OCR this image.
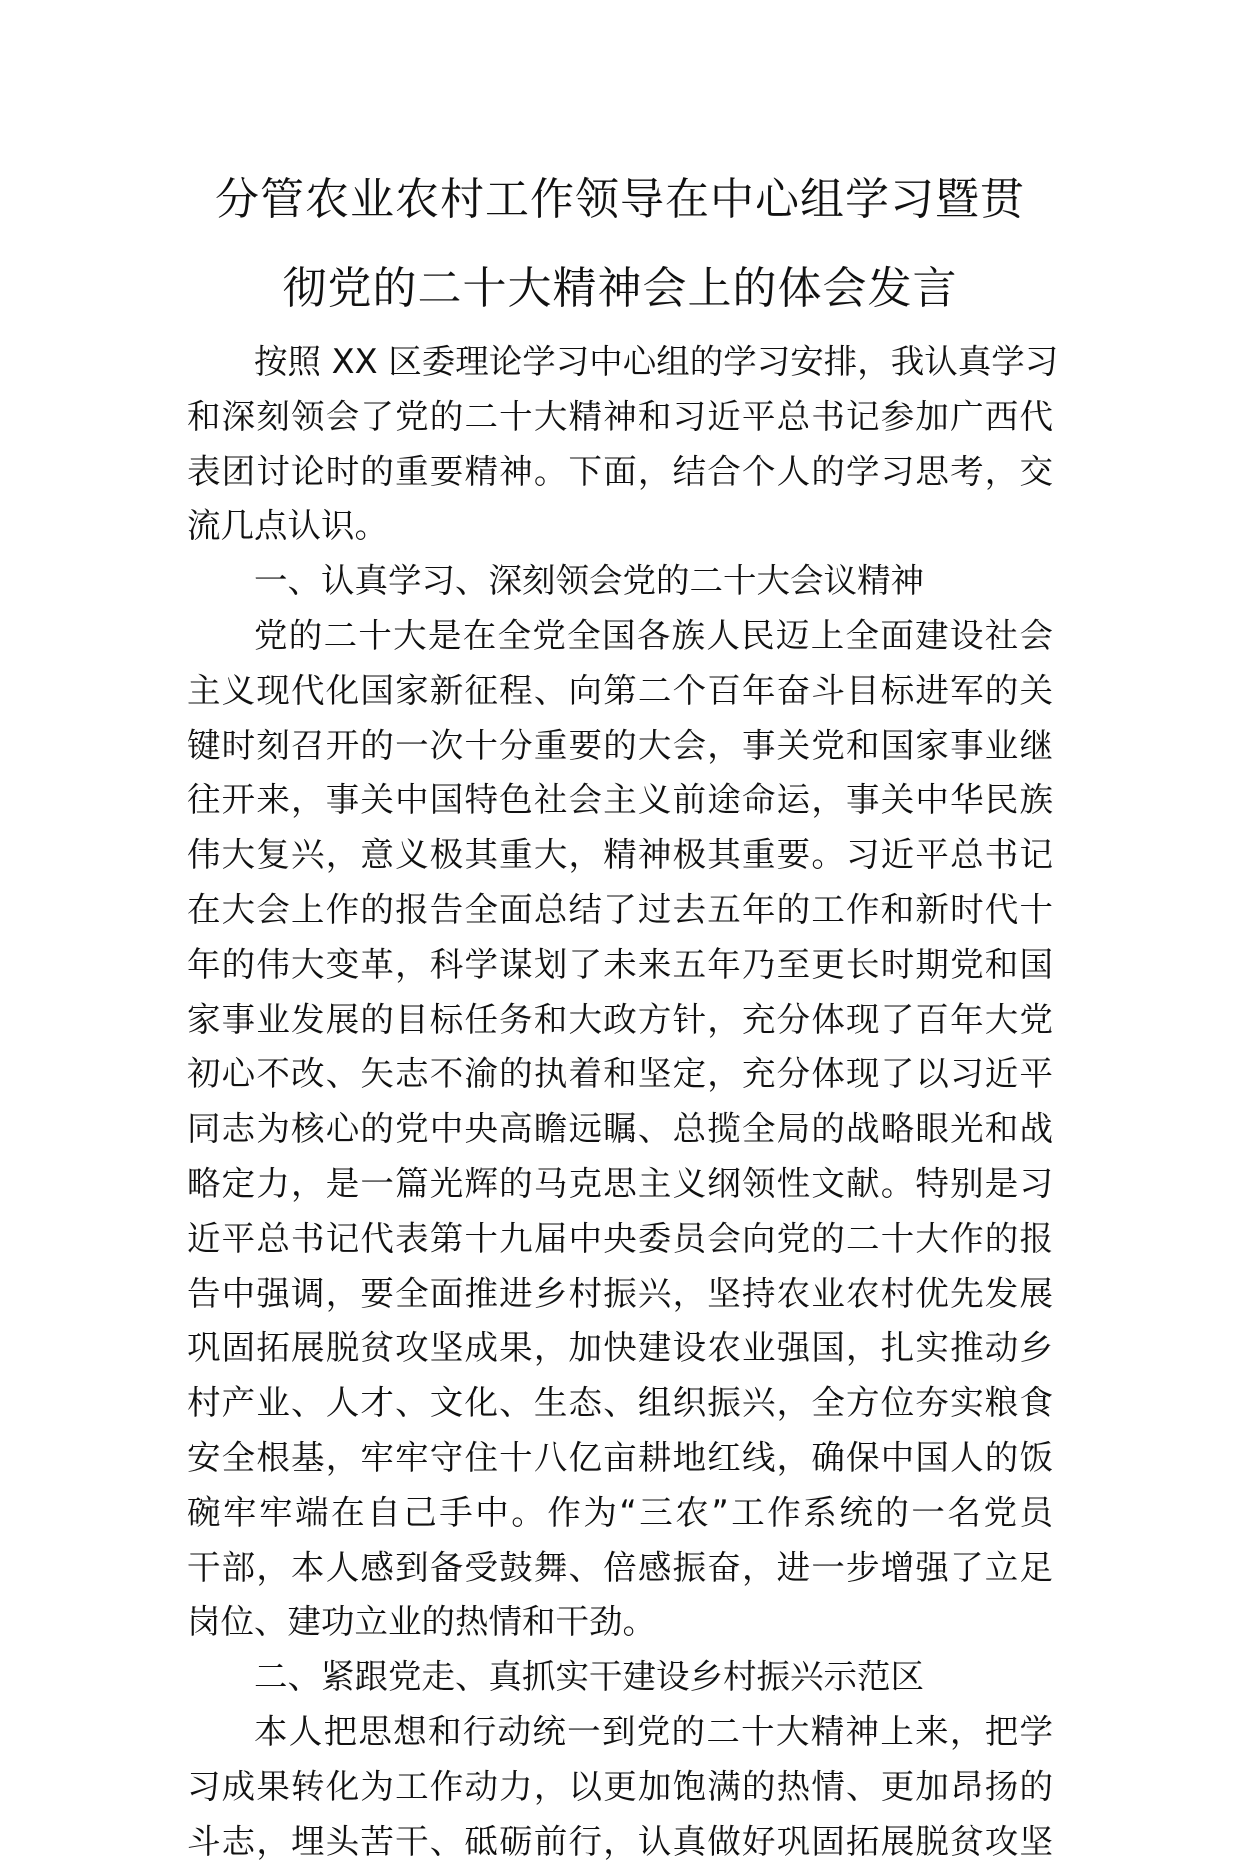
分管农业农村工作领导在中心组学习暨贯
彻党的二十大精神会上的体会发言
按照 XX 区委理论学习中心组的学习安排，我认真学习
和深刻领会了党的二十大精神和习近平总书记参加广西代
表团讨论时的重要精神。下面，结合个人的学习思考，交
流几点认识。
一、认真学习、深刻领会党的二十大会议精神
党的二十大是在全党全国各族人民迈上全面建设社会
主义现代化国家新征程、向第二个百年奋斗目标进军的关
键时刻召开的一次十分重要的大会，事关党和国家事业继
往开来，事关中国特色社会主义前途命运，事关中华民族
伟大复兴，意义极其重大，精神极其重要。习近平总书记
在大会上作的报告全面总结了过去五年的工作和新时代十
年的伟大变革，科学谋划了未来五年乃至更长时期党和国
家事业发展的目标任务和大政方针，充分体现了百年大党
初心不改、矢志不渝的执着和坚定，充分体现了以习近平
同志为核心的党中央高瞻远瞩、总揽全局的战略眼光和战
略定力，是一篇光辉的马克思主义纲领性文献。特别是习
近平总书记代表第十九届中央委员会向党的二十大作的报
告中强调，要全面推进乡村振兴，坚持农业农村优先发展
巩固拓展脱贫攻坚成果，加快建设农业强国，扎实推动乡
村产业、人才、文化、生态、组织振兴，全方位夯实粮食
安全根基，牢牢守住十八亿亩耕地红线，确保中国人的饭
碗牢牢端在自己手中。作为“三农”工作系统的一名党员
干部，本人感到备受鼓舞、倍感振奋，进一步增强了立足
岗位、建功立业的热情和干劲。
二、紧跟党走、真抓实干建设乡村振兴示范区
本人把思想和行动统一到党的二十大精神上来，把学
习成果转化为工作动力，以更加饱满的热情、更加昂扬的
斗志，埋头苦干、砥砺前行，认真做好巩固拓展脱贫攻坚
